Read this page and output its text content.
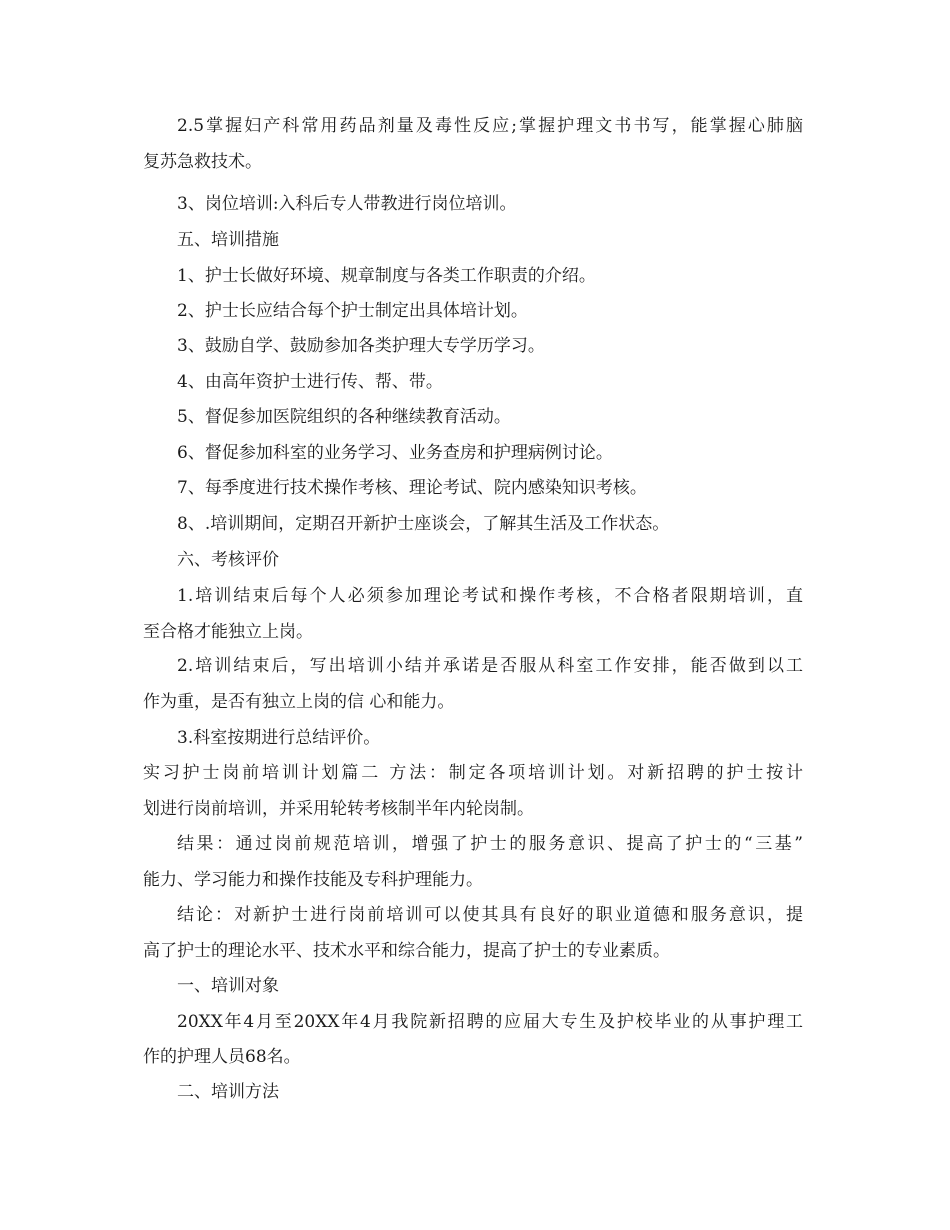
2.5掌握妇产科常用药品剂量及毒性反应;掌握护理文书书写，能掌握心肺脑
复苏急救技术。
3、岗位培训:入科后专人带教进行岗位培训。
五、培训措施
1、护士长做好环境、规章制度与各类工作职责的介绍。
2、护士长应结合每个护士制定出具体培计划。
3、鼓励自学、鼓励参加各类护理大专学历学习。
4、由高年资护士进行传、帮、带。
5、督促参加医院组织的各种继续教育活动。
6、督促参加科室的业务学习、业务查房和护理病例讨论。
7、每季度进行技术操作考核、理论考试、院内感染知识考核。
8、.培训期间，定期召开新护士座谈会，了解其生活及工作状态。
六、考核评价
1.培训结束后每个人必须参加理论考试和操作考核，不合格者限期培训，直
至合格才能独立上岗。
2.培训结束后，写出培训小结并承诺是否服从科室工作安排，能否做到以工
作为重，是否有独立上岗的信 心和能力。
3.科室按期进行总结评价。
实习护士岗前培训计划篇二 方法：制定各项培训计划。对新招聘的护士按计
划进行岗前培训，并采用轮转考核制半年内轮岗制。
结果：通过岗前规范培训，增强了护士的服务意识、提高了护士的“三基”
能力、学习能力和操作技能及专科护理能力。
结论：对新护士进行岗前培训可以使其具有良好的职业道德和服务意识，提
高了护士的理论水平、技术水平和综合能力，提高了护士的专业素质。
一、培训对象
20XX年4月至20XX年4月我院新招聘的应届大专生及护校毕业的从事护理工
作的护理人员68名。
二、培训方法
